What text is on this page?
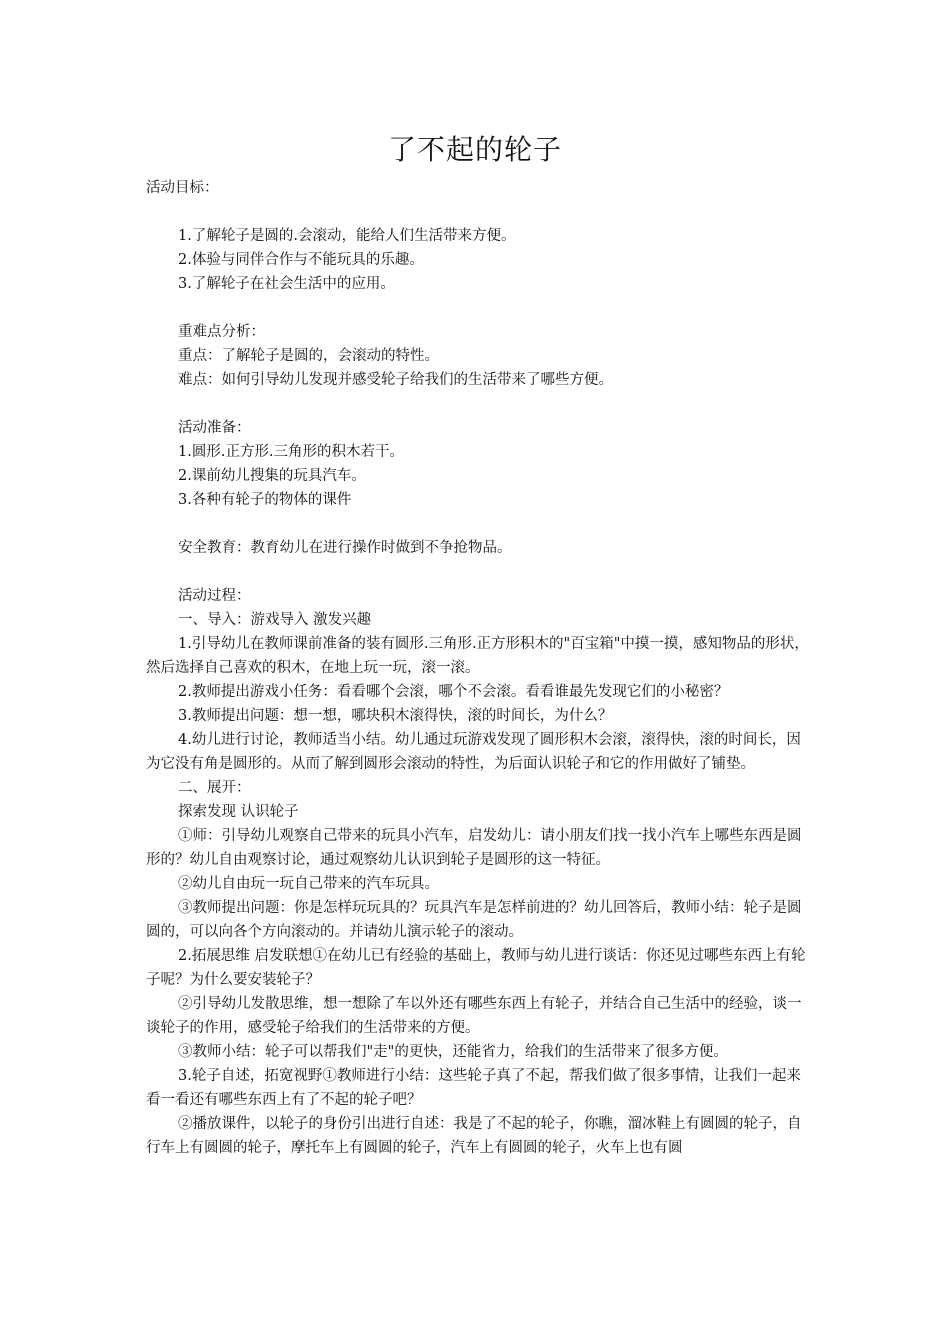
了不起的轮子

活动目标：

1.了解轮子是圆的.会滚动，能给人们生活带来方便。

2.体验与同伴合作与不能玩具的乐趣。

3.了解轮子在社会生活中的应用。

重难点分析：

重点：了解轮子是圆的，会滚动的特性。

难点：如何引导幼儿发现并感受轮子给我们的生活带来了哪些方便。

活动准备：

1.圆形.正方形.三角形的积木若干。

2.课前幼儿搜集的玩具汽车。

3.各种有轮子的物体的课件

安全教育：教育幼儿在进行操作时做到不争抢物品。

活动过程：

一、导入：游戏导入 激发兴趣

1.引导幼儿在教师课前准备的装有圆形.三角形.正方形积木的"百宝箱"中摸一摸，感知物品的形状，然后选择自己喜欢的积木，在地上玩一玩，滚一滚。

2.教师提出游戏小任务：看看哪个会滚，哪个不会滚。看看谁最先发现它们的小秘密？

3.教师提出问题：想一想，哪块积木滚得快，滚的时间长，为什么？

4.幼儿进行讨论，教师适当小结。幼儿通过玩游戏发现了圆形积木会滚，滚得快，滚的时间长，因为它没有角是圆形的。从而了解到圆形会滚动的特性，为后面认识轮子和它的作用做好了铺垫。

二、展开：

探索发现 认识轮子

①师：引导幼儿观察自己带来的玩具小汽车，启发幼儿：请小朋友们找一找小汽车上哪些东西是圆形的？幼儿自由观察讨论，通过观察幼儿认识到轮子是圆形的这一特征。

②幼儿自由玩一玩自己带来的汽车玩具。

③教师提出问题：你是怎样玩玩具的？玩具汽车是怎样前进的？幼儿回答后，教师小结：轮子是圆圆的，可以向各个方向滚动的。并请幼儿演示轮子的滚动。

2.拓展思维 启发联想①在幼儿已有经验的基础上，教师与幼儿进行谈话：你还见过哪些东西上有轮子呢？为什么要安装轮子？

②引导幼儿发散思维，想一想除了车以外还有哪些东西上有轮子，并结合自己生活中的经验，谈一谈轮子的作用，感受轮子给我们的生活带来的方便。

③教师小结：轮子可以帮我们"走"的更快，还能省力，给我们的生活带来了很多方便。

3.轮子自述，拓宽视野①教师进行小结：这些轮子真了不起，帮我们做了很多事情，让我们一起来看一看还有哪些东西上有了不起的轮子吧？

②播放课件，以轮子的身份引出进行自述：我是了不起的轮子，你瞧，溜冰鞋上有圆圆的轮子，自行车上有圆圆的轮子，摩托车上有圆圆的轮子，汽车上有圆圆的轮子，火车上也有圆
